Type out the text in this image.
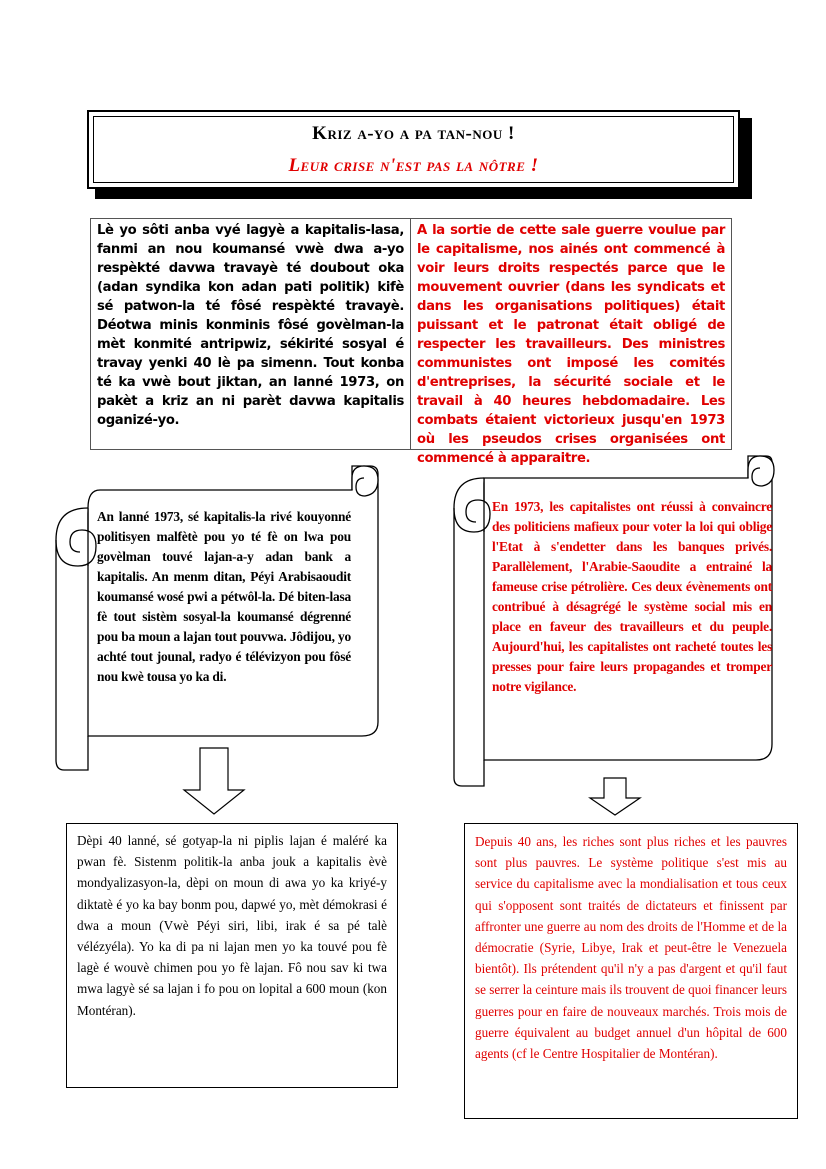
Kriz a-yo a pa tan-nou !
Leur crise n'est pas la nôtre !
Lè yo sôti anba vyé lagyè a kapitalis-lasa, fanmi an nou koumansé vwè dwa a-yo respèkté davwa travayè té doubout oka (adan syndika kon adan pati politik) kifè sé patwon-la té fôsé respèkté travayè. Déotwa minis konminis fôsé govèlman-la mèt konmité antripwiz, sékirité sosyal é travay yenki 40 lè pa simenn. Tout konba té ka vwè bout jiktan, an lanné 1973, on pakèt a kriz an ni parèt davwa kapitalis oganizé-yo.
A la sortie de cette sale guerre voulue par le capitalisme, nos ainés ont commencé à voir leurs droits respectés parce que le mouvement ouvrier (dans les syndicats et dans les organisations politiques) était puissant et le patronat était obligé de respecter les travailleurs. Des ministres communistes ont imposé les comités d'entreprises, la sécurité sociale et le travail à 40 heures hebdomadaire. Les combats étaient victorieux jusqu'en 1973 où les pseudos crises organisées ont commencé à apparaitre.
An lanné 1973, sé kapitalis-la rivé kouyonné politisyen malfètè pou yo té fè on lwa pou govèlman touvé lajan-a-y adan bank a kapitalis. An menm ditan, Péyi Arabisaoudit koumansé wosé pwi a pétwôl-la. Dé biten-lasa fè tout sistèm sosyal-la koumansé dégrenné pou ba moun a lajan tout pouvwa. Jôdijou, yo achté tout jounal, radyo é télévizyon pou fôsé nou kwè tousa yo ka di.
En 1973, les capitalistes ont réussi à convaincre des politiciens mafieux pour voter la loi qui oblige l'Etat à s'endetter dans les banques privés. Parallèlement, l'Arabie-Saoudite a entrainé la fameuse crise pétrolière. Ces deux évènements ont contribué à désagrégé le système social mis en place en faveur des travailleurs et du peuple. Aujourd'hui, les capitalistes ont racheté toutes les presses pour faire leurs propagandes et tromper notre vigilance.
Dèpi 40 lanné, sé gotyap-la ni piplis lajan é maléré ka pwan fè. Sistenm politik-la anba jouk a kapitalis èvè mondyalizasyon-la, dèpi on moun di awa yo ka kriyé-y diktatè é yo ka bay bonm pou, dapwé yo, mèt démokrasi é dwa a moun (Vwè Péyi siri, libi, irak é sa pé talè vélézyéla). Yo ka di pa ni lajan men yo ka touvé pou fè lagè é wouvè chimen pou yo fè lajan. Fô nou sav ki twa mwa lagyè sé sa lajan i fo pou on lopital a 600 moun (kon Montéran).
Depuis 40 ans, les riches sont plus riches et les pauvres sont plus pauvres. Le système politique s'est mis au service du capitalisme avec la mondialisation et tous ceux qui s'opposent sont traités de dictateurs et finissent par affronter une guerre au nom des droits de l'Homme et de la démocratie (Syrie, Libye, Irak et peut-être le Venezuela bientôt). Ils prétendent qu'il n'y a pas d'argent et qu'il faut se serrer la ceinture mais ils trouvent de quoi financer leurs guerres pour en faire de nouveaux marchés. Trois mois de guerre équivalent au budget annuel d'un hôpital de 600 agents (cf le Centre Hospitalier de Montéran).
